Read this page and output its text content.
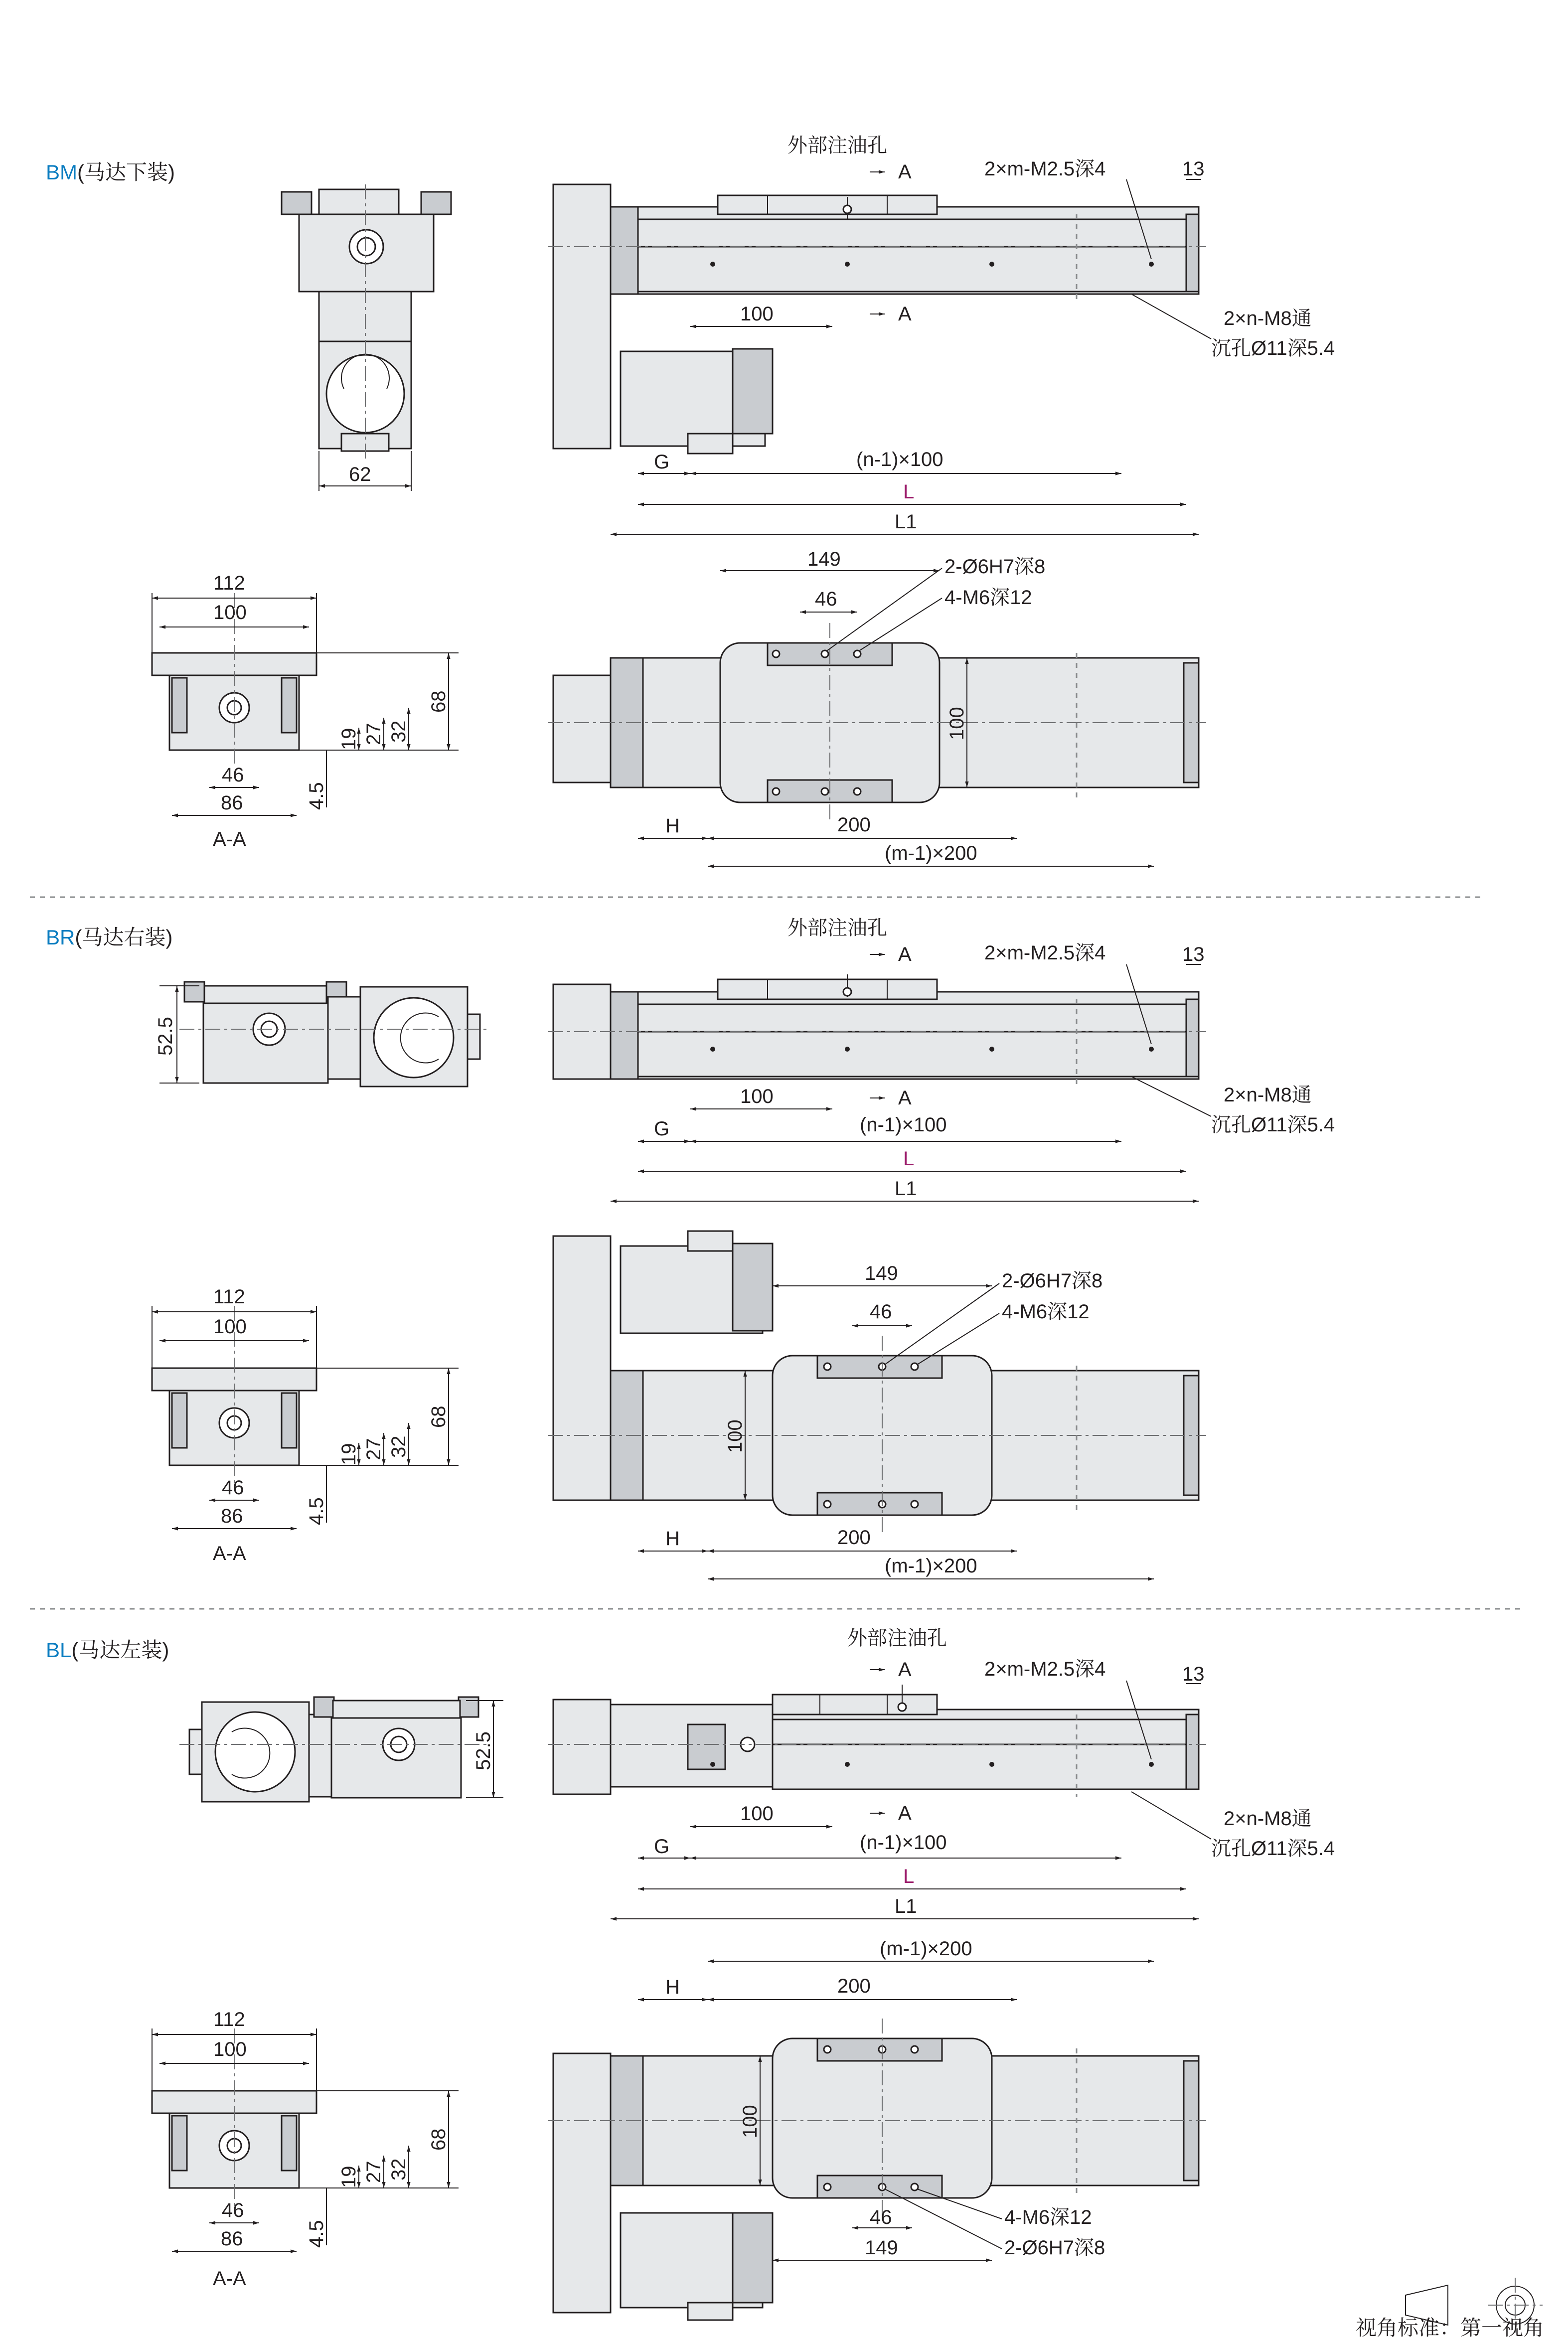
BM(马达下装)
62
外部注油孔
A
A
2×m-M2.5深4	13
2×n-M8通
沉孔Ø11深5.4
100
(n-1)×100
G
L
L1
112
100
68
32
27
19
46
86	4.5
A-A
149
46
2-Ø6H7深8
4-M6深12
100
H	200
(m-1)×200
BR(马达右装)
52.5
外部注油孔
A
A
2×m-M2.5深4	13
2×n-M8通
沉孔Ø11深5.4
100
(n-1)×100
G
L
L1
112
100
68
32
27
19
46
86	4.5
A-A
149
46
2-Ø6H7深8
4-M6深12
100
H	200
(m-1)×200
BL(马达左装)
52.5
外部注油孔
A
A
2×m-M2.5深4	13
2×n-M8通
沉孔Ø11深5.4
100
(n-1)×100
G
L
L1
112
100
68
32
27
19
46
86	4.5
A-A
(m-1)×200
H	200
100
46
149
4-M6深12
2-Ø6H7深8
视角标准：第一视角
